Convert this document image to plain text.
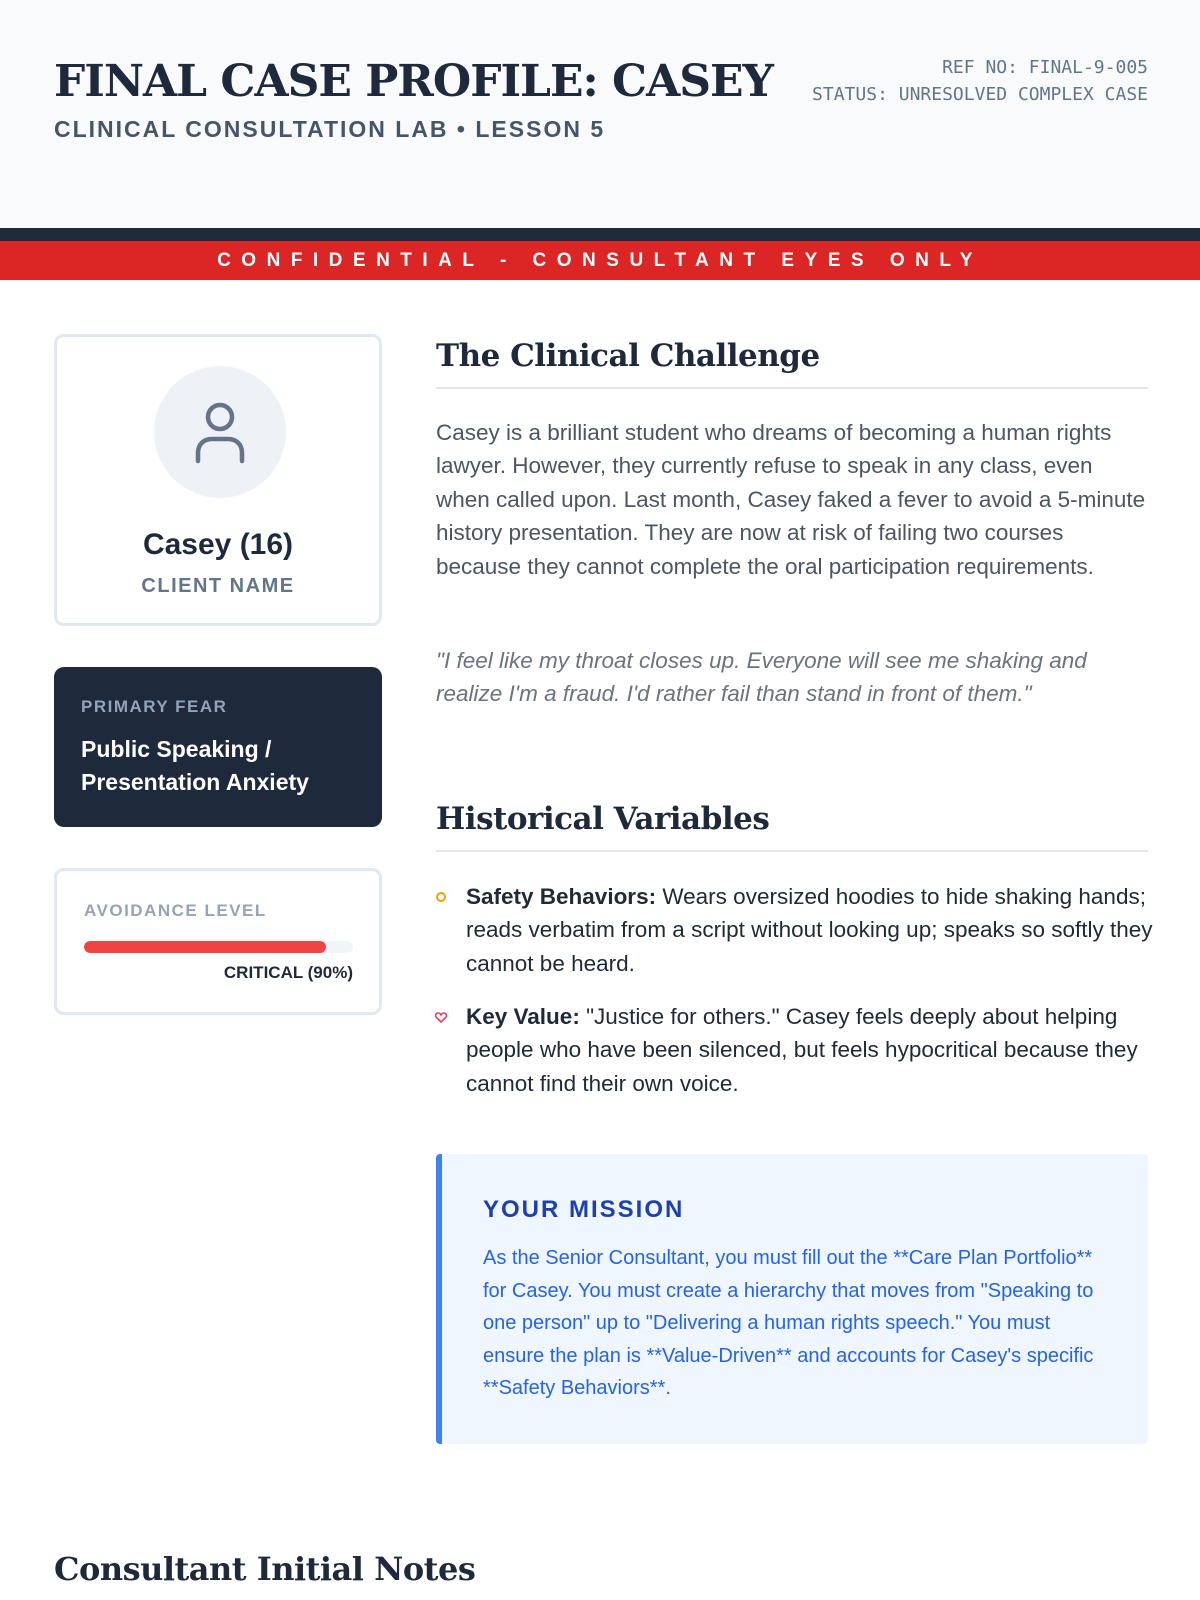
FINAL CASE PROFILE: CASEY
CLINICAL CONSULTATION LAB • LESSON 5
REF NO: FINAL-9-005
STATUS: UNRESOLVED COMPLEX CASE
CONFIDENTIAL - CONSULTANT EYES ONLY
Casey (16)
CLIENT NAME
PRIMARY FEAR
Public Speaking / Presentation Anxiety
AVOIDANCE LEVEL
CRITICAL (90%)
The Clinical Challenge
Casey is a brilliant student who dreams of becoming a human rights lawyer. However, they currently refuse to speak in any class, even when called upon. Last month, Casey faked a fever to avoid a 5-minute history presentation. They are now at risk of failing two courses because they cannot complete the oral participation requirements.
"I feel like my throat closes up. Everyone will see me shaking and realize I'm a fraud. I'd rather fail than stand in front of them."
Historical Variables
Safety Behaviors: Wears oversized hoodies to hide shaking hands; reads verbatim from a script without looking up; speaks so softly they cannot be heard.
Key Value: "Justice for others." Casey feels deeply about helping people who have been silenced, but feels hypocritical because they cannot find their own voice.
YOUR MISSION
As the Senior Consultant, you must fill out the **Care Plan Portfolio** for Casey. You must create a hierarchy that moves from "Speaking to one person" up to "Delivering a human rights speech." You must ensure the plan is **Value-Driven** and accounts for Casey's specific **Safety Behaviors**.
Consultant Initial Notes
